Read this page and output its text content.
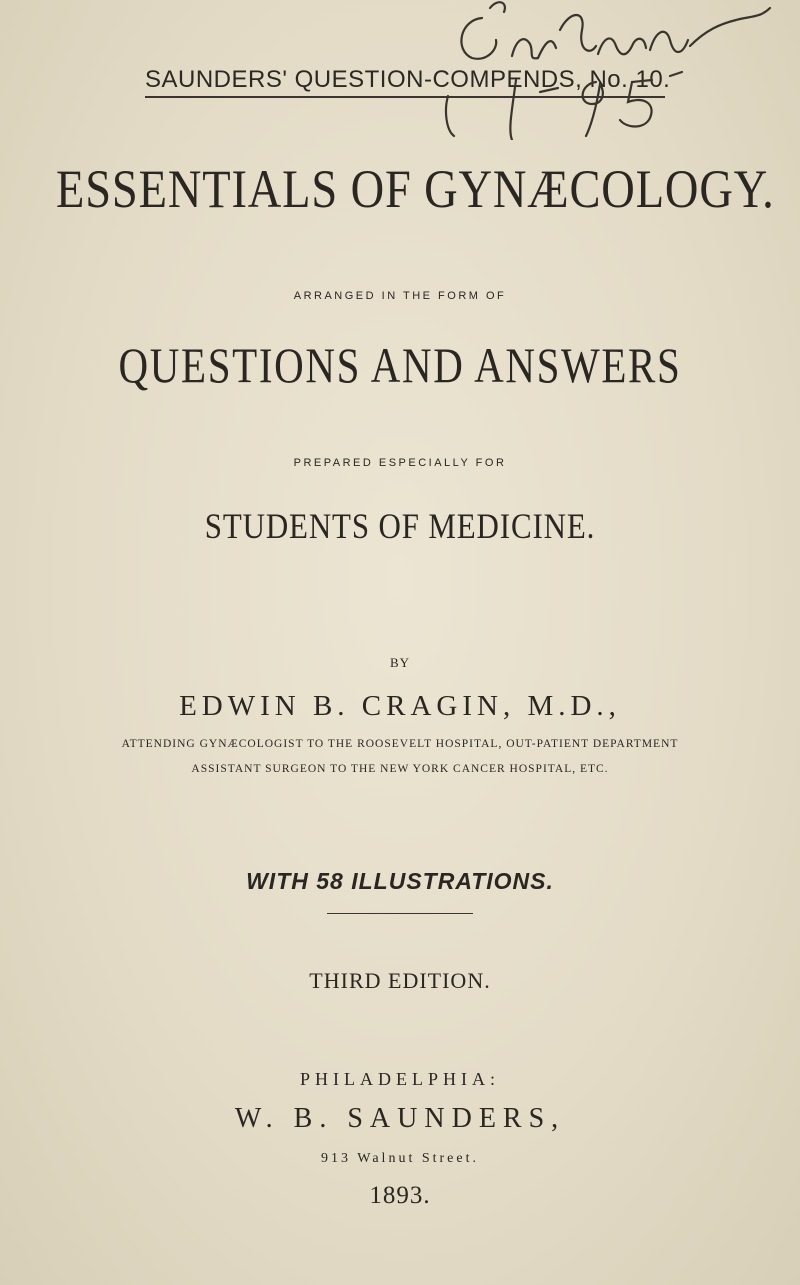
SAUNDERS' QUESTION-COMPENDS, No. 10.
ESSENTIALS OF GYNÆCOLOGY.
ARRANGED IN THE FORM OF
QUESTIONS AND ANSWERS
PREPARED ESPECIALLY FOR
STUDENTS OF MEDICINE.
BY
EDWIN B. CRAGIN, M.D.,
ATTENDING GYNÆCOLOGIST TO THE ROOSEVELT HOSPITAL, OUT-PATIENT DEPARTMENT
ASSISTANT SURGEON TO THE NEW YORK CANCER HOSPITAL, ETC.
WITH 58 ILLUSTRATIONS.
THIRD EDITION.
PHILADELPHIA:
W. B. SAUNDERS,
913 Walnut Street.
1893.
